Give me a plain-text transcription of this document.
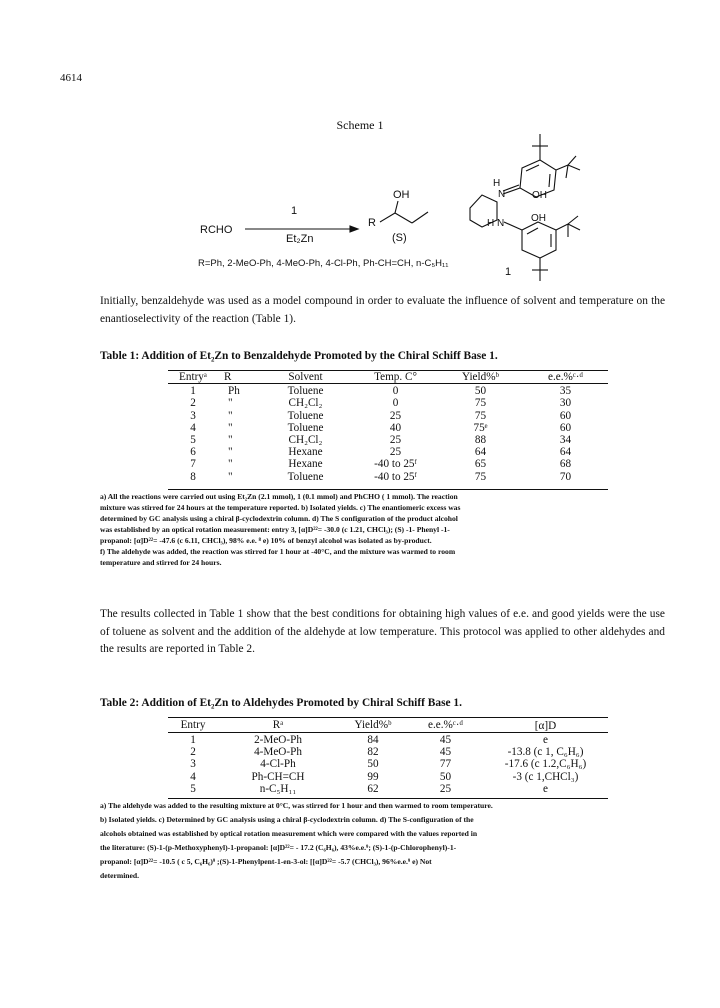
4614
Scheme 1
RCHO
1
Et₂Zn
R
OH
(S)
R=Ph, 2-MeO-Ph, 4-MeO-Ph, 4-Cl-Ph, Ph-CH=CH, n-C₅H₁₁
H
N	OH
H N	OH
1
Initially, benzaldehyde was used as a model compound in order to evaluate the influence of solvent and temperature on the enantioselectivity of the reaction (Table 1).
Table 1: Addition of Et₂Zn to Benzaldehyde Promoted by the Chiral Schiff Base 1.
Entryᵃ	R	Solvent	Temp. C°	Yield%ᵇ	e.e.%ᶜ·ᵈ

1	Ph	Toluene	0	50	35
2	"	CH₂Cl₂	0	75	30
3	"	Toluene	25	75	60
4	"	Toluene	40	75ᵉ	60
5	"	CH₂Cl₂	25	88	34
6	"	Hexane	25	64	64
7	"	Hexane	-40 to 25ᶠ	65	68
8	"	Toluene	-40 to 25ᶠ	75	70
a) All the reactions were carried out using Et₂Zn (2.1 mmol), 1 (0.1 mmol) and PhCHO ( 1 mmol). The reaction
mixture was stirred for 24 hours at the temperature reported. b) Isolated yields. c) The enantiomeric excess was
determined by GC analysis using a chiral β-cyclodextrin column. d) The S configuration of the product alcohol
was established by an optical rotation measurement: entry 3, [α]D²²= -30.0 (c 1.21, CHCl₃); (S) -1- Phenyl -1-
propanol: [α]D²²= -47.6 (c 6.11, CHCl₃), 98% e.e. ⁸ e) 10% of benzyl alcohol was isolated as by-product.
f) The aldehyde was added, the reaction was stirred for 1 hour at -40°C, and the mixture was warmed to room
temperature and stirred for 24 hours.
The results collected in Table 1 show that the best conditions for obtaining high values of e.e. and good yields were the use of toluene as solvent and the addition of the aldehyde at low temperature. This protocol was applied to other aldehydes and the results are reported in Table 2.
Table 2: Addition of Et₂Zn to Aldehydes Promoted by Chiral Schiff Base 1.
Entry	Rᵃ	Yield%ᵇ	e.e.%ᶜ·ᵈ	[α]D

1	2-MeO-Ph	84	45	e
2	4-MeO-Ph	82	45	-13.8 (c 1, C₆H₆)
3	4-Cl-Ph	50	77	-17.6 (c 1.2,C₆H₆)
4	Ph-CH=CH	99	50	-3 (c 1,CHCl₃)
5	n-C₅H₁₁	62	25	e
a) The aldehyde was added to the resulting mixture at 0°C, was stirred for 1 hour and then warmed to room temperature.
b) Isolated yields. c) Determined by GC analysis using a chiral β-cyclodextrin column. d) The S-configuration of the
alcohols obtained was established by optical rotation measurement which were compared with the values reported in
the literature: (S)-1-(p-Methoxyphenyl)-1-propanol: [α]D²²= - 17.2 (C₆H₆), 43%e.e.⁹; (S)-1-(p-Chlorophenyl)-1-
propanol: [α]D²²= -10.5 ( c 5, C₆H₆)⁹ ;(S)-1-Phenylpent-1-en-3-ol: [[α]D²²= -5.7 (CHCl₃), 96%e.e.⁹ e) Not
determined.
